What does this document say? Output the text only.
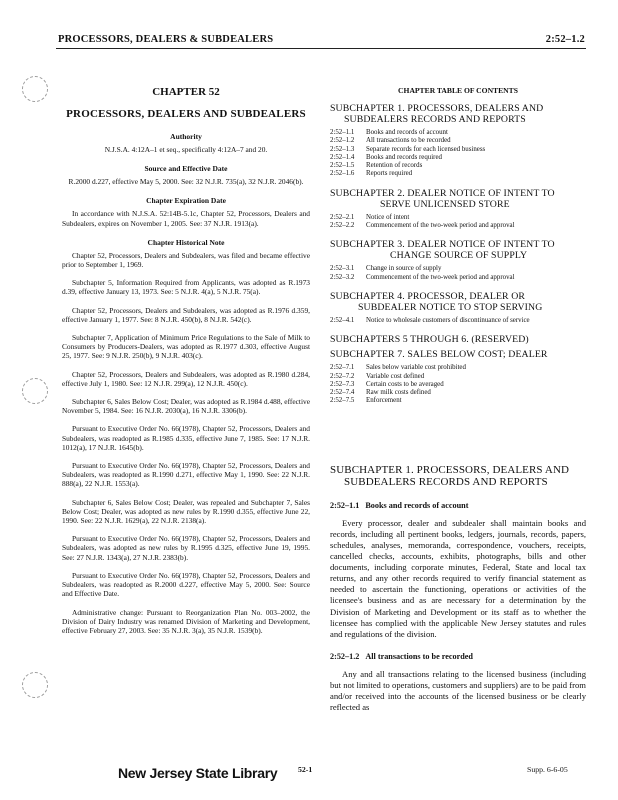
PROCESSORS, DEALERS & SUBDEALERS	2:52–1.2
CHAPTER 52
PROCESSORS, DEALERS AND SUBDEALERS
Authority

N.J.S.A. 4:12A–1 et seq., specifically 4:12A–7 and 20.

Source and Effective Date

R.2000 d.227, effective May 5, 2000. See: 32 N.J.R. 735(a), 32 N.J.R. 2046(b).

Chapter Expiration Date

In accordance with N.J.S.A. 52:14B-5.1c, Chapter 52, Processors, Dealers and Subdealers, expires on November 1, 2005. See: 37 N.J.R. 1913(a).

Chapter Historical Note

Chapter 52, Processors, Dealers and Subdealers, was filed and became effective prior to September 1, 1969.

Subchapter 5, Information Required from Applicants, was adopted as R.1973 d.39, effective January 13, 1973. See: 5 N.J.R. 4(a), 5 N.J.R. 75(a).

Chapter 52, Processors, Dealers and Subdealers, was adopted as R.1976 d.359, effective January 1, 1977. See: 8 N.J.R. 450(b), 8 N.J.R. 542(c).

Subchapter 7, Application of Minimum Price Regulations to the Sale of Milk to Consumers by Producers-Dealers, was adopted as R.1977 d.303, effective August 25, 1977. See: 9 N.J.R. 250(b), 9 N.J.R. 403(c).

Chapter 52, Processors, Dealers and Subdealers, was adopted as R.1980 d.284, effective July 1, 1980. See: 12 N.J.R. 299(a), 12 N.J.R. 450(c).

Subchapter 6, Sales Below Cost; Dealer, was adopted as R.1984 d.488, effective November 5, 1984. See: 16 N.J.R. 2030(a), 16 N.J.R. 3306(b).

Pursuant to Executive Order No. 66(1978), Chapter 52, Processors, Dealers and Subdealers, was readopted as R.1985 d.335, effective June 7, 1985. See: 17 N.J.R. 1012(a), 17 N.J.R. 1645(b).

Pursuant to Executive Order No. 66(1978), Chapter 52, Processors, Dealers and Subdealers, was readopted as R.1990 d.271, effective May 1, 1990. See: 22 N.J.R. 888(a), 22 N.J.R. 1553(a).

Subchapter 6, Sales Below Cost; Dealer, was repealed and Subchapter 7, Sales Below Cost; Dealer, was adopted as new rules by R.1990 d.355, effective June 22, 1990. See: 22 N.J.R. 1629(a), 22 N.J.R. 2138(a).

Pursuant to Executive Order No. 66(1978), Chapter 52, Processors, Dealers and Subdealers, was adopted as new rules by R.1995 d.325, effective June 19, 1995. See: 27 N.J.R. 1343(a), 27 N.J.R. 2383(b).

Pursuant to Executive Order No. 66(1978), Chapter 52, Processors, Dealers and Subdealers, was readopted as R.2000 d.227, effective May 5, 2000. See: Source and Effective Date.

Administrative change: Pursuant to Reorganization Plan No. 003–2002, the Division of Dairy Industry was renamed Division of Marketing and Development, effective February 27, 2003. See: 35 N.J.R. 3(a), 35 N.J.R. 1539(b).

CHAPTER TABLE OF CONTENTS
SUBCHAPTER 1. PROCESSORS, DEALERS AND
SUBDEALERS RECORDS AND REPORTS
2:52–1.1	Books and records of account
2:52–1.2	All transactions to be recorded
2:52–1.3	Separate records for each licensed business
2:52–1.4	Books and records required
2:52–1.5	Retention of records
2:52–1.6	Reports required
SUBCHAPTER 2. DEALER NOTICE OF INTENT TO
SERVE UNLICENSED STORE
2:52–2.1	Notice of intent
2:52–2.2	Commencement of the two-week period and approval
SUBCHAPTER 3. DEALER NOTICE OF INTENT TO
CHANGE SOURCE OF SUPPLY
2:52–3.1	Change in source of supply
2:52–3.2	Commencement of the two-week period and approval
SUBCHAPTER 4. PROCESSOR, DEALER OR
SUBDEALER NOTICE TO STOP SERVING
2:52–4.1	Notice to wholesale customers of discontinuance of service
SUBCHAPTERS 5 THROUGH 6. (RESERVED)
SUBCHAPTER 7. SALES BELOW COST; DEALER
2:52–7.1	Sales below variable cost prohibited
2:52–7.2	Variable cost defined
2:52–7.3	Certain costs to be averaged
2:52–7.4	Raw milk costs defined
2:52–7.5	Enforcement
SUBCHAPTER 1. PROCESSORS, DEALERS AND
SUBDEALERS RECORDS AND REPORTS
2:52–1.1 Books and records of account

Every processor, dealer and subdealer shall maintain books and records, including all pertinent books, ledgers, journals, records, papers, schedules, analyses, memoranda, correspondence, vouchers, receipts, cancelled checks, accounts, exhibits, photographs, bills and other documents, including corporate minutes, Federal, State and local tax returns, and any other records required to verify financial statement as needed to ascertain the functioning, operations or activities of the licensee's business and as are necessary for a determination by the Division of Marketing and Development or its staff as to whether the licensee has complied with the applicable New Jersey statutes and rules and regulations of the division.

2:52–1.2 All transactions to be recorded

Any and all transactions relating to the licensed business (including but not limited to operations, customers and suppliers) are to be paid from and/or received into the accounts of the licensed business or be clearly reflected as

New Jersey State Library	52-1	Supp. 6-6-05
